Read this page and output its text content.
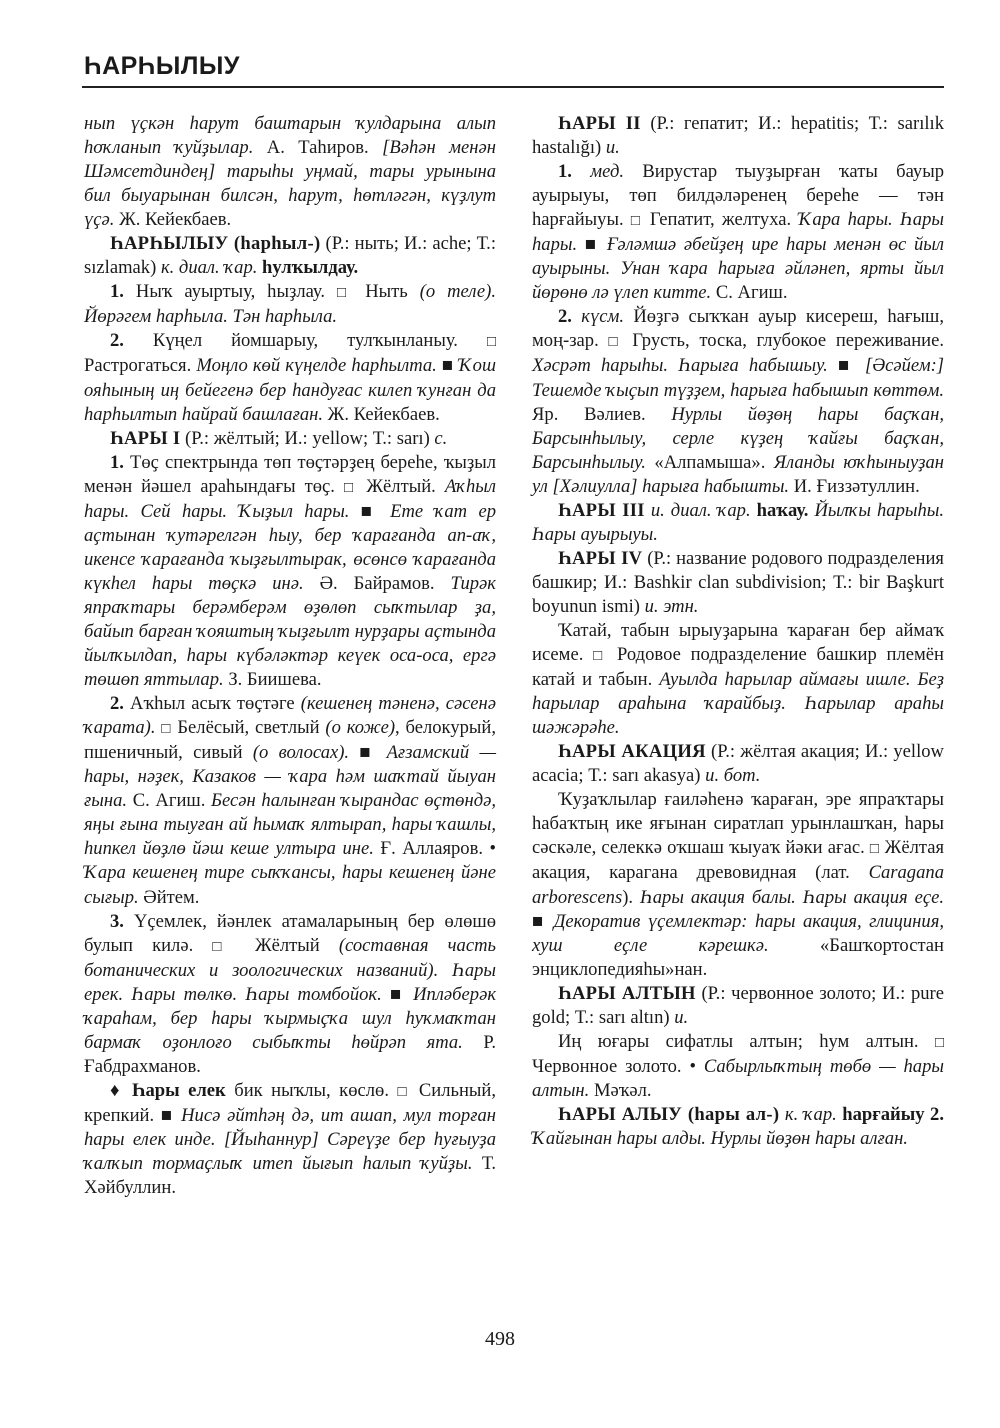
ҺАРҺЫЛЫУ

нып үҫкән һарут баштарын ҡулдарына алып һоҡланып ҡуйҙылар. А. Таһиров. [Вәһән менән Шәмсетдиндең] тарыһы уңмай, тары урынына бил быуарынан билсән, һарут, һөтләгән, күҙлут үҫә. Ж. Кейекбаев.

ҺАРҺЫЛЫУ (һарһыл-) (Р.: ныть; И.: ache; Т.: sızlamak) к. диал. ҡар. һулҡылдау.

1. Ныҡ ауыртыу, һыҙлау. □ Ныть (о теле). Йөрәгем һарһыла. Тән һарһыла.

2. Күңел йомшарыу, тулҡынланыу. □ Растрогаться. Моңло көй күңелде һарһылта. ■ Ҡош ояһының иң бейегенә бер һандуғас килеп ҡунған да һарһылтып һайрай башлаған. Ж. Кейекбаев.

ҺАРЫ I (Р.: жёлтый; И.: yellow; Т.: sarı) с.

1. Төҫ спектрында төп төҫтәрҙең береһе, ҡыҙыл менән йәшел араһындағы төҫ. □ Жёлтый. Аҡһыл һары. Сей һары. Ҡыҙыл һары. ■ Ете ҡат ер аҫтынан ҡутәрелгән һыу, бер ҡарағанда ап-аҡ, икенсе ҡарағанда ҡыҙғылтырак, өсөнсө ҡарағанда күкһел һары төҫкә инә. Ә. Байрамов. Тирәк япраҡтары берәмберәм өҙөлөп сыҡтылар ҙа, байып барған ҡояштың ҡыҙғылт нурҙары аҫтында йылҡылдап, һары күбәләктәр кеүек оса-оса, ергә төшөп яттылар. З. Биишева.

2. Аҡһыл асыҡ төҫтәге (кешенең тәненә, сәсенә ҡарата). □ Белёсый, светлый (о коже), белокурый, пшеничный, сивый (о волосах). ■ Ағзамский — һары, нәҙек, Казаков — ҡара һәм шаҡтай йыуан ғына. С. Агиш. Бесән һалынған ҡырандас өҫтөндә, яңы ғына тыуған ай һымаҡ ялтырап, һары ҡашлы, һипкел йөҙлө йәш кеше ултыра ине. Ғ. Аллаяров. • Ҡара кешенең тире сыҡҡансы, һары кешенең йәне сығыр. Әйтем.

3. Үҫемлек, йәнлек атамаларының бер өлөшө булып килә. □ Жёлтый (составная часть ботанических и зоологических названий). Һары ерек. Һары төлкө. Һары томбойок. ■ Иплəберәк ҡараһам, бер һары ҡырмыҫҡа шул һуҡмаҡтан бармаҡ оҙонлоғо сыбыҡты һөйрәп ята. Р. Ғабдрахманов.

♦ Һары елек бик ныҡлы, көслө. □ Сильный, крепкий. ■ Нисә әйтһәң дә, ит ашап, мул торған һары елек инде. [Йыһаннур] Сәреүҙе бер һуғыуҙа ҡалҡып тормаҫлыҡ итеп йығып һалып ҡуйҙы. Т. Хәйбуллин.

ҺАРЫ II (Р.: гепатит; И.: hepatitis; Т.: sarılık hastalığı) и.

1. мед. Вирустар тыуҙырған ҡаты бауыр ауырыуы, төп билдәләренең береһе — тән һарғайыуы. □ Гепатит, желтуха. Ҡара һары. Һары һары. ■ Ғәләмшә әбейҙең ире һары менән өс йыл ауырыны. Унан ҡара һарыға әйләнеп, ярты йыл йөрөнө лә үлеп китте. С. Агиш.

2. күсм. Йөҙгә сыҡҡан ауыр кисереш, һағыш, моң-зар. □ Грусть, тоска, глубокое переживание. Хәсрәт һарыһы. Һарыға һабышыу. ■ [Әсәйем:] Тешемде ҡыҫып түҙҙем, һарыға һабышып көттөм. Яр. Вәлиев. Нурлы йөҙөң һары баҫҡан, Барсынһылыу, серле күҙең ҡайғы баҫҡан, Барсынһылыу. «Алпамыша». Яланды юҡһыныуҙан ул [Хәлиулла] һарыға һабышты. И. Ғиззәтуллин.

ҺАРЫ III и. диал. ҡар. һаҡау. Йылҡы һарыһы. Һары ауырыуы.

ҺАРЫ IV (Р.: название родового подразделения башкир; И.: Bashkir clan subdivision; Т.: bir Başkurt boyunun ismi) и. этн.

Ҡатай, табын ырыуҙарына ҡараған бер аймаҡ исеме. □ Родовое подразделение башкир племён катай и табын. Ауылда һарылар аймағы ишле. Беҙ һарылар араһына ҡарайбыҙ. Һарылар араһы шәжәрәһе.

ҺАРЫ АКАЦИЯ (Р.: жёлтая акация; И.: yellow acacia; Т.: sarı akasya) и. бот.

Ҡуҙаҡлылар ғаиләһенә ҡараған, эре япраҡтары һабаҡтың ике яғынан сиратлап урынлашҡан, һары сәскәле, селеккә оҡшаш ҡыуаҡ йәки ағас. □ Жёлтая акация, карагана древовидная (лат. Caragana arborescens). Һары акация балы. Һары акация еҫе. ■ Декоратив үҫемлектәр: һары акация, глициния, хуш еҫле кәрешкә. «Башҡортостан энциклопедияһы»нан.

ҺАРЫ АЛТЫН (Р.: червонное золото; И.: pure gold; Т.: sarı altın) и.

Иң юғары сифатлы алтын; һум алтын. □ Червонное золото. • Сабырлыҡтың төбө — һары алтын. Мәҡәл.

ҺАРЫ АЛЫУ (һары ал-) к. ҡар. һарғайыу 2. Ҡайғынан һары алды. Нурлы йөҙөн һары алған.

498
